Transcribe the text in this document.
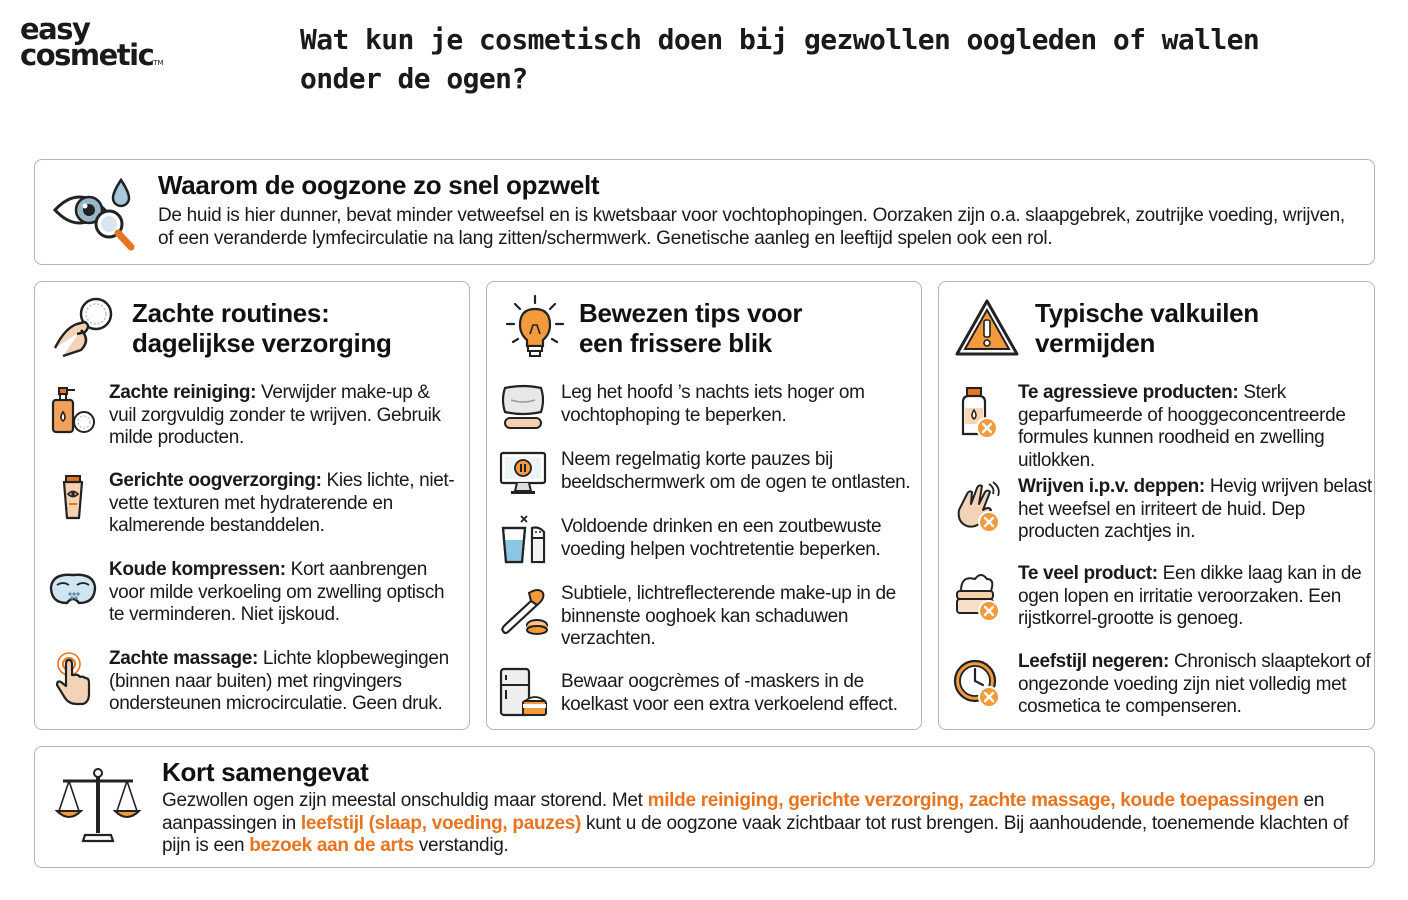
easy
cosmetic™
Wat kun je cosmetisch doen bij gezwollen oogleden of wallen onder de ogen?
Waarom de oogzone zo snel opzwelt
De huid is hier dunner, bevat minder vetweefsel en is kwetsbaar voor vochtophopingen. Oorzaken zijn o.a. slaapgebrek, zoutrijke voeding, wrijven, of een veranderde lymfecirculatie na lang zitten/schermwerk. Genetische aanleg en leeftijd spelen ook een rol.
Zachte routines:
dagelijkse verzorging
Zachte reiniging: Verwijder make-up & vuil zorgvuldig zonder te wrijven. Gebruik milde producten.
Gerichte oogverzorging: Kies lichte, niet-vette texturen met hydraterende en kalmerende bestanddelen.
Koude kompressen: Kort aanbrengen voor milde verkoeling om zwelling optisch te verminderen. Niet ijskoud.
Zachte massage: Lichte klopbewegingen (binnen naar buiten) met ringvingers ondersteunen microcirculatie. Geen druk.
Bewezen tips voor
een frissere blik
Leg het hoofd ’s nachts iets hoger om vochtophoping te beperken.
Neem regelmatig korte pauzes bij beeldschermwerk om de ogen te ontlasten.
Voldoende drinken en een zoutbewuste voeding helpen vochtretentie beperken.
Subtiele, lichtreflecterende make-up in de binnenste ooghoek kan schaduwen verzachten.
Bewaar oogcrèmes of -maskers in de koelkast voor een extra verkoelend effect.
Typische valkuilen
vermijden
Te agressieve producten: Sterk geparfumeerde of hooggeconcentreerde formules kunnen roodheid en zwelling uitlokken.
Wrijven i.p.v. deppen: Hevig wrijven belast het weefsel en irriteert de huid. Dep producten zachtjes in.
Te veel product: Een dikke laag kan in de ogen lopen en irritatie veroorzaken. Een rijstkorrel-grootte is genoeg.
Leefstijl negeren: Chronisch slaaptekort of ongezonde voeding zijn niet volledig met cosmetica te compenseren.
Kort samengevat
Gezwollen ogen zijn meestal onschuldig maar storend. Met milde reiniging, gerichte verzorging, zachte massage, koude toepassingen en aanpassingen in leefstijl (slaap, voeding, pauzes) kunt u de oogzone vaak zichtbaar tot rust brengen. Bij aanhoudende, toenemende klachten of pijn is een bezoek aan de arts verstandig.
